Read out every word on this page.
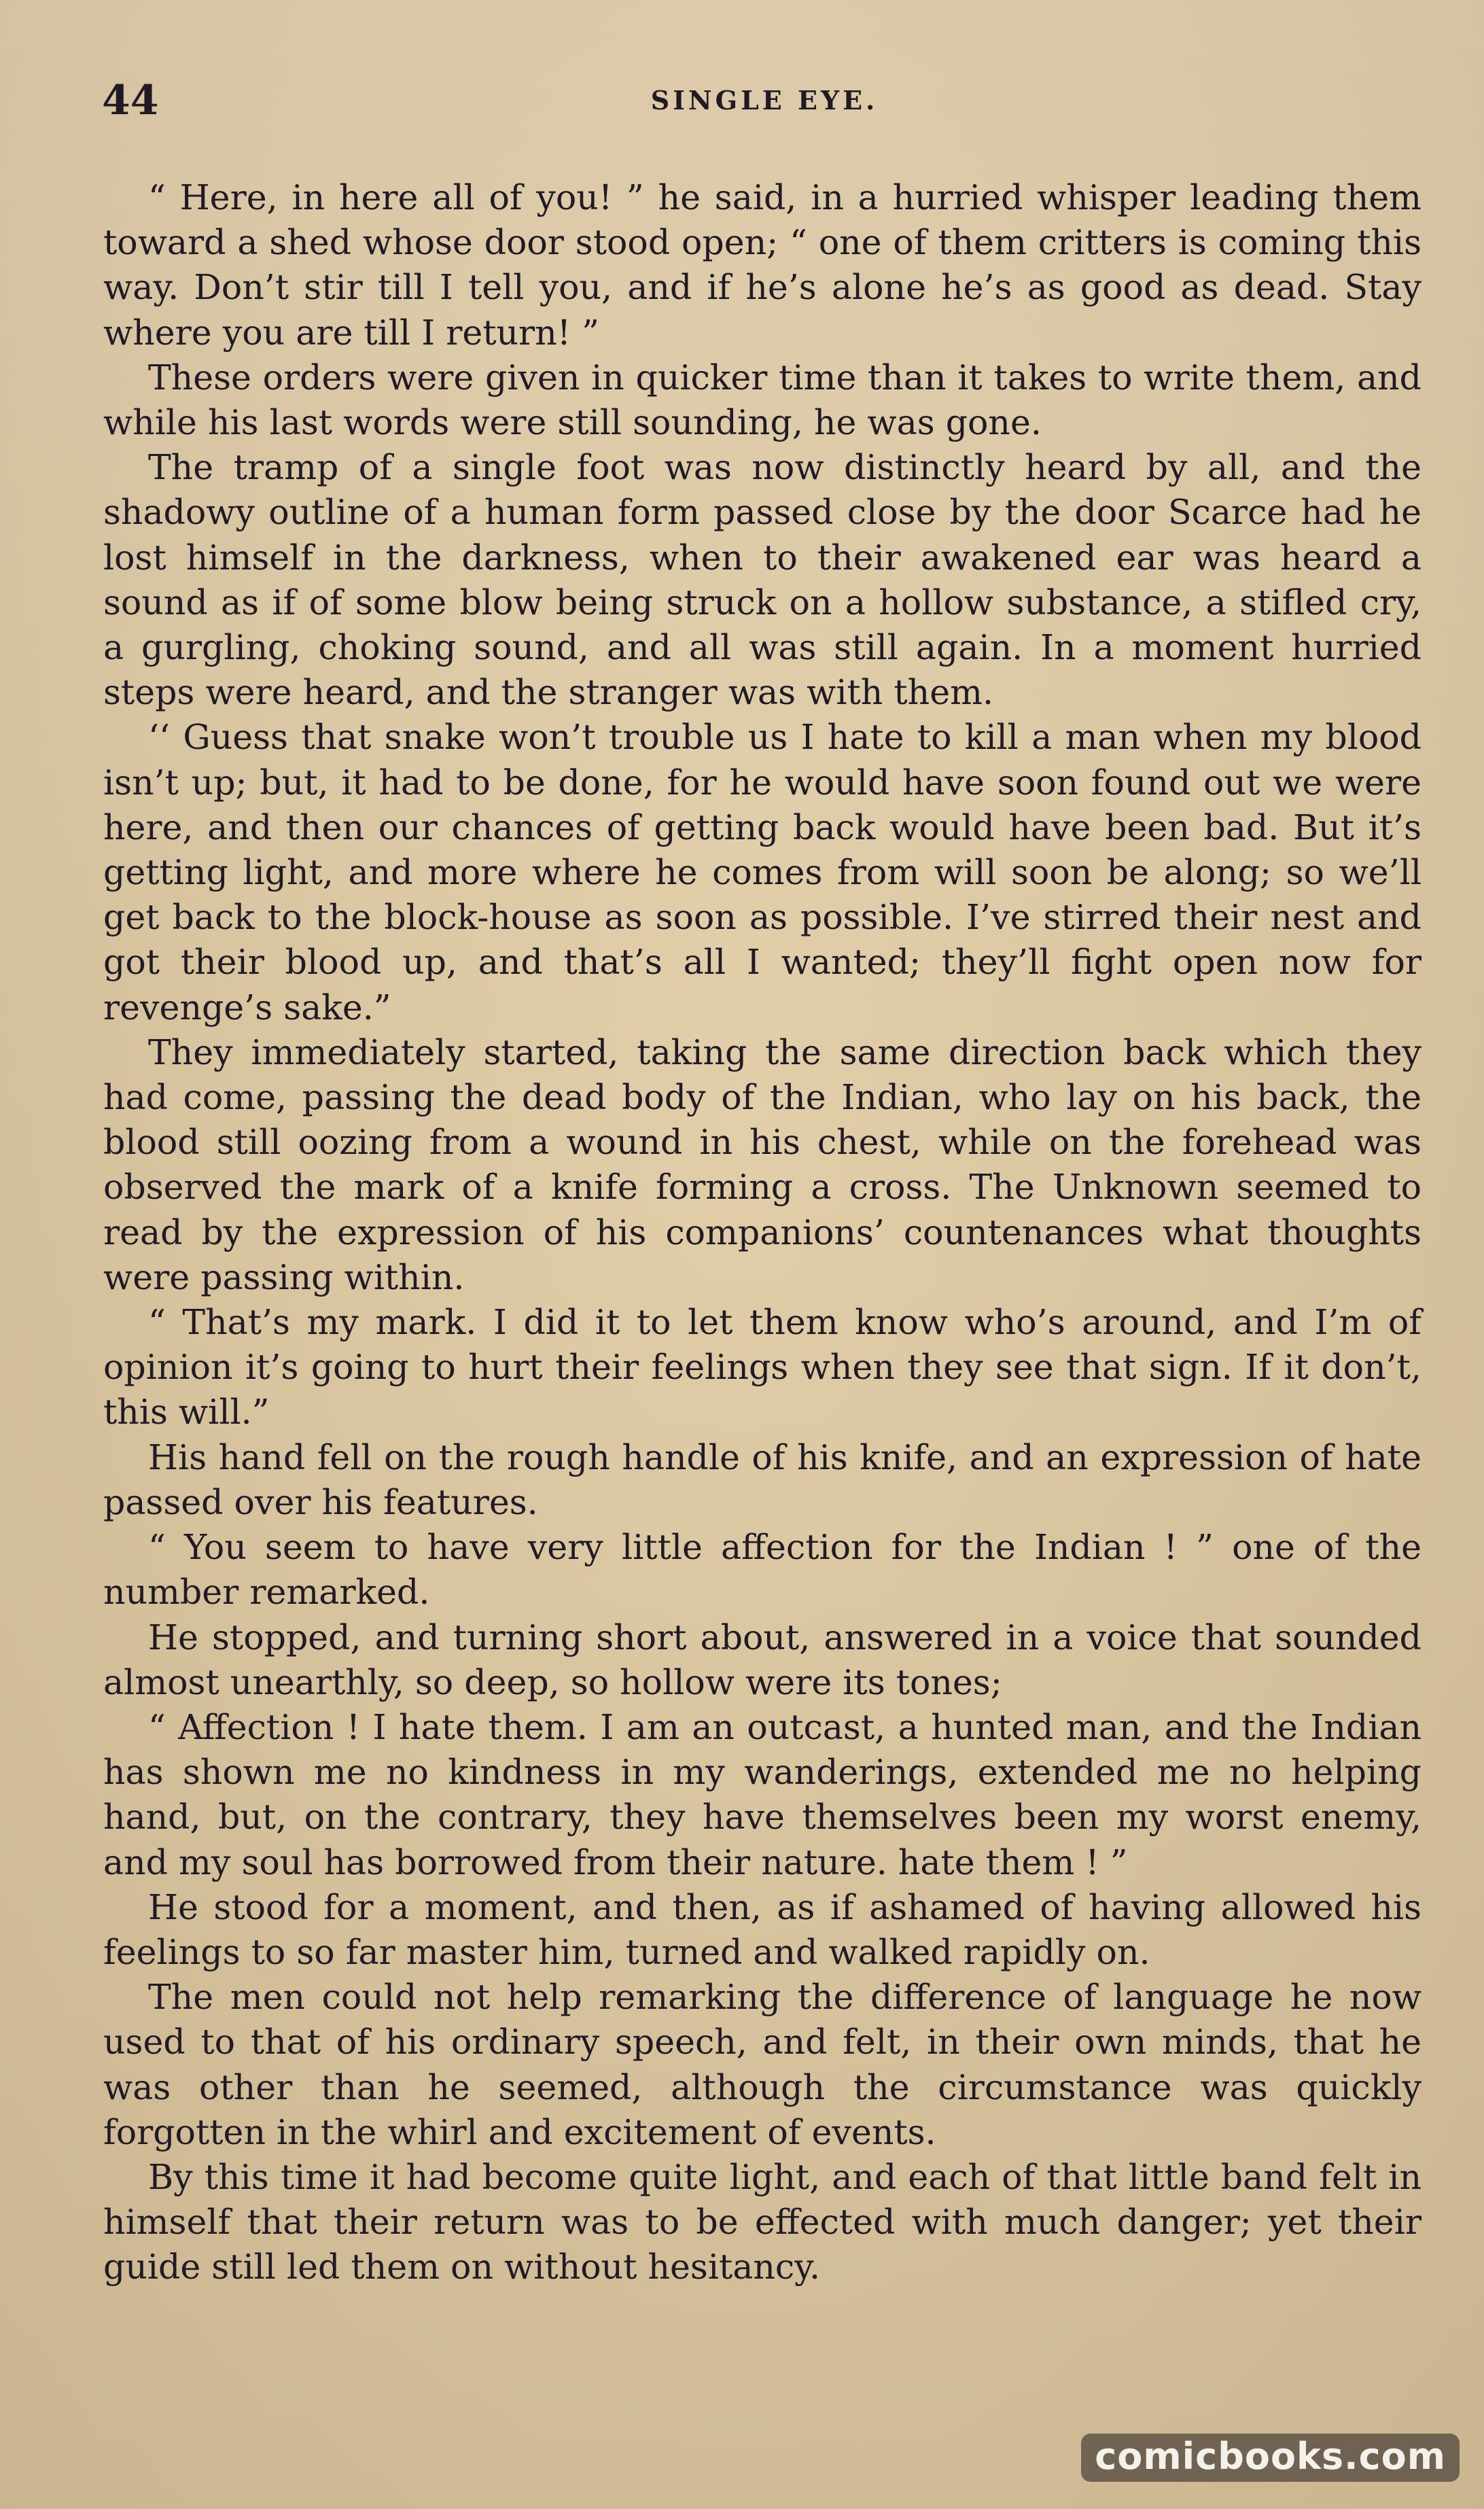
44	SINGLE EYE.

“ Here, in here all of you! ” he said, in a hurried whisper leading them toward a shed whose door stood open; “ one of them critters is coming this way. Don’t stir till I tell you, and if he’s alone he’s as good as dead. Stay where you are till I return! ”

These orders were given in quicker time than it takes to write them, and while his last words were still sounding, he was gone.

The tramp of a single foot was now distinctly heard by all, and the shadowy outline of a human form passed close by the door Scarce had he lost himself in the darkness, when to their awakened ear was heard a sound as if of some blow being struck on a hollow substance, a stifled cry, a gurgling, choking sound, and all was still again. In a moment hurried steps were heard, and the stranger was with them.

‘‘ Guess that snake won’t trouble us I hate to kill a man when my blood isn’t up; but, it had to be done, for he would have soon found out we were here, and then our chances of getting back would have been bad. But it’s getting light, and more where he comes from will soon be along; so we’ll get back to the block-house as soon as possible. I’ve stirred their nest and got their blood up, and that’s all I wanted; they’ll fight open now for revenge’s sake.”

They immediately started, taking the same direction back which they had come, passing the dead body of the Indian, who lay on his back, the blood still oozing from a wound in his chest, while on the forehead was observed the mark of a knife forming a cross. The Unknown seemed to read by the expression of his companions’ countenances what thoughts were passing within.

“ That’s my mark. I did it to let them know who’s around, and I’m of opinion it’s going to hurt their feelings when they see that sign. If it don’t, this will.”

His hand fell on the rough handle of his knife, and an expression of hate passed over his features.

“ You seem to have very little affection for the Indian ! ” one of the number remarked.

He stopped, and turning short about, answered in a voice that sounded almost unearthly, so deep, so hollow were its tones;

“ Affection ! I hate them. I am an outcast, a hunted man, and the Indian has shown me no kindness in my wanderings, extended me no helping hand, but, on the contrary, they have themselves been my worst enemy, and my soul has borrowed from their nature. hate them ! ”

He stood for a moment, and then, as if ashamed of having allowed his feelings to so far master him, turned and walked rapidly on.

The men could not help remarking the difference of language he now used to that of his ordinary speech, and felt, in their own minds, that he was other than he seemed, although the circumstance was quickly forgotten in the whirl and excitement of events.

By this time it had become quite light, and each of that little band felt in himself that their return was to be effected with much danger; yet their guide still led them on without hesitancy.

comicbooks.com
